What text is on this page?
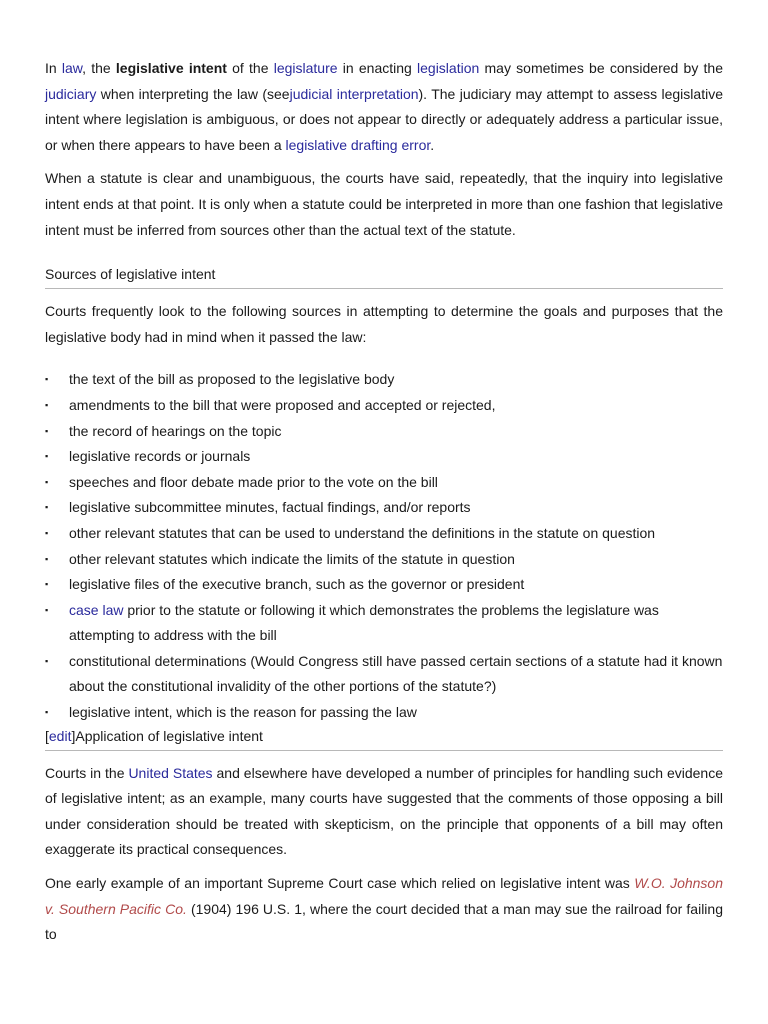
In law, the legislative intent of the legislature in enacting legislation may sometimes be considered by the judiciary when interpreting the law (seejudicial interpretation). The judiciary may attempt to assess legislative intent where legislation is ambiguous, or does not appear to directly or adequately address a particular issue, or when there appears to have been a legislative drafting error.

When a statute is clear and unambiguous, the courts have said, repeatedly, that the inquiry into legislative intent ends at that point. It is only when a statute could be interpreted in more than one fashion that legislative intent must be inferred from sources other than the actual text of the statute.

Sources of legislative intent

Courts frequently look to the following sources in attempting to determine the goals and purposes that the legislative body had in mind when it passed the law:

▪
the text of the bill as proposed to the legislative body
▪
amendments to the bill that were proposed and accepted or rejected,
▪
the record of hearings on the topic
▪
legislative records or journals
▪
speeches and floor debate made prior to the vote on the bill
▪
legislative subcommittee minutes, factual findings, and/or reports
▪
other relevant statutes that can be used to understand the definitions in the statute on question
▪
other relevant statutes which indicate the limits of the statute in question
▪
legislative files of the executive branch, such as the governor or president
▪
case law prior to the statute or following it which demonstrates the problems the legislature was attempting to address with the bill
▪
constitutional determinations (Would Congress still have passed certain sections of a statute had it known about the constitutional invalidity of the other portions of the statute?)
▪
legislative intent, which is the reason for passing the law
[edit]Application of legislative intent

Courts in the United States and elsewhere have developed a number of principles for handling such evidence of legislative intent; as an example, many courts have suggested that the comments of those opposing a bill under consideration should be treated with skepticism, on the principle that opponents of a bill may often exaggerate its practical consequences.

One early example of an important Supreme Court case which relied on legislative intent was W.O. Johnson v. Southern Pacific Co. (1904) 196 U.S. 1, where the court decided that a man may sue the railroad for failing to
